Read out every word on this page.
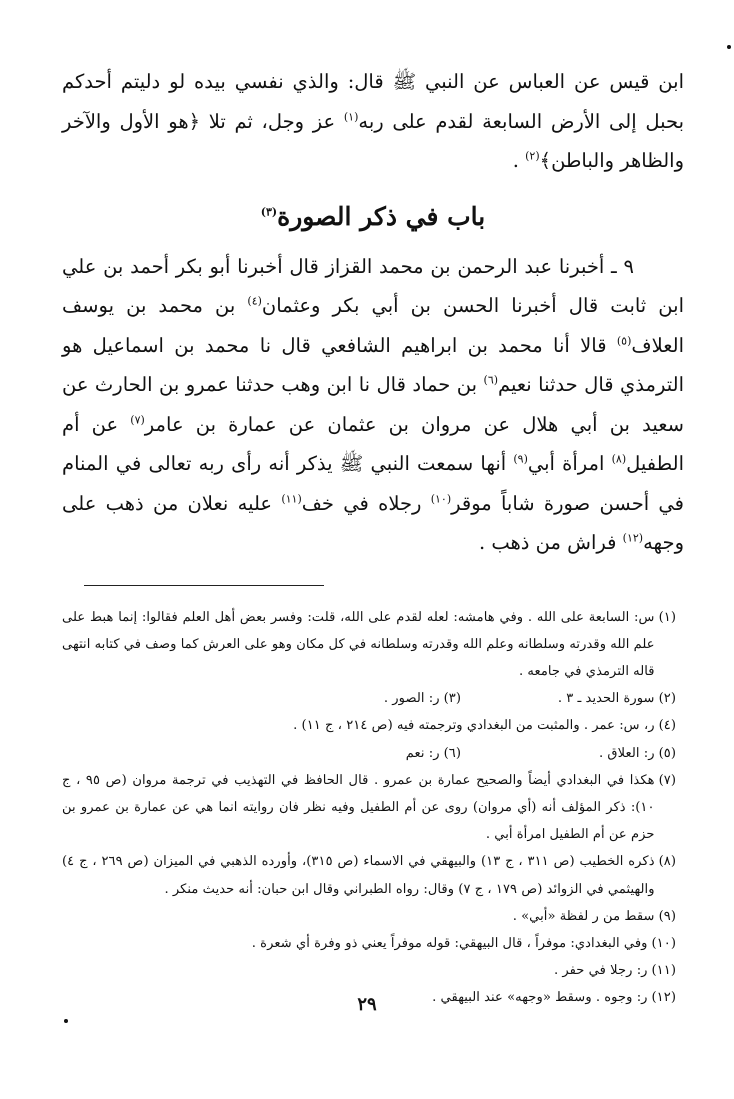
ابن قيس عن العباس عن النبي ﷺ قال: والذي نفسي بيده لو دليتم أحدكم بحبل إلى الأرض السابعة لقدم على ربه$^{(١)}$ عز وجل، ثم تلا ﴿هو الأول والآخر والظاهر والباطن﴾$^{(٢)}$ .

باب في ذكر الصورة$^{(٣)}$

٩ ـ أخبرنا عبد الرحمن بن محمد القزاز قال أخبرنا أبو بكر أحمد بن علي ابن ثابت قال أخبرنا الحسن بن أبي بكر وعثمان$^{(٤)}$ بن محمد بن يوسف العلاف$^{(٥)}$ قالا أنا محمد بن ابراهيم الشافعي قال نا محمد بن اسماعيل هو الترمذي قال حدثنا نعيم$^{(٦)}$ بن حماد قال نا ابن وهب حدثنا عمرو بن الحارث عن سعيد بن أبي هلال عن مروان بن عثمان عن عمارة بن عامر$^{(٧)}$ عن أم الطفيل$^{(٨)}$ امرأة أبي$^{(٩)}$ أنها سمعت النبي ﷺ يذكر أنه رأى ربه تعالى في المنام في أحسن صورة شاباً موقر$^{(١٠)}$ رجلاه في خف$^{(١١)}$ عليه نعلان من ذهب على وجهه$^{(١٢)}$ فراش من ذهب .

(١)
س: السابعة على الله . وفي هامشه: لعله لقدم على الله، قلت: وفسر بعض أهل العلم فقالوا: إنما هبط على علم الله وقدرته وسلطانه وعلم الله وقدرته وسلطانه في كل مكان وهو على العرش كما وصف في كتابه انتهى قاله الترمذي في جامعه .
(٢)
سورة الحديد ـ ٣ .
(٣)
ر: الصور .
(٤)
ر، س: عمر . والمثبت من البغدادي وترجمته فيه (ص ٢١٤ ، ج ١١) .
(٥)
ر: العلاق .
(٦)
ر: نعم
(٧)
هكذا في البغدادي أيضاً والصحيح عمارة بن عمرو . قال الحافظ في التهذيب في ترجمة مروان (ص ٩٥ ، ج ١٠): ذكر المؤلف أنه (أي مروان) روى عن أم الطفيل وفيه نظر فان روايته انما هي عن عمارة بن عمرو بن حزم عن أم الطفيل امرأة أبي .
(٨)
ذكره الخطيب (ص ٣١١ ، ج ١٣) والبيهقي في الاسماء (ص ٣١٥)، وأورده الذهبي في الميزان (ص ٢٦٩ ، ج ٤) والهيثمي في الزوائد (ص ١٧٩ ، ج ٧) وقال: رواه الطبراني وقال ابن حبان: أنه حديث منكر .
(٩)
سقط من ر لفظة «أبي» .
(١٠)
وفي البغدادي: موفراً ، قال البيهقي: قوله موفراً يعني ذو وفرة أي شعرة .
(١١)
ر: رجلا في حفر .
(١٢)
ر: وجوه . وسقط «وجهه» عند البيهقي .
٢٩
